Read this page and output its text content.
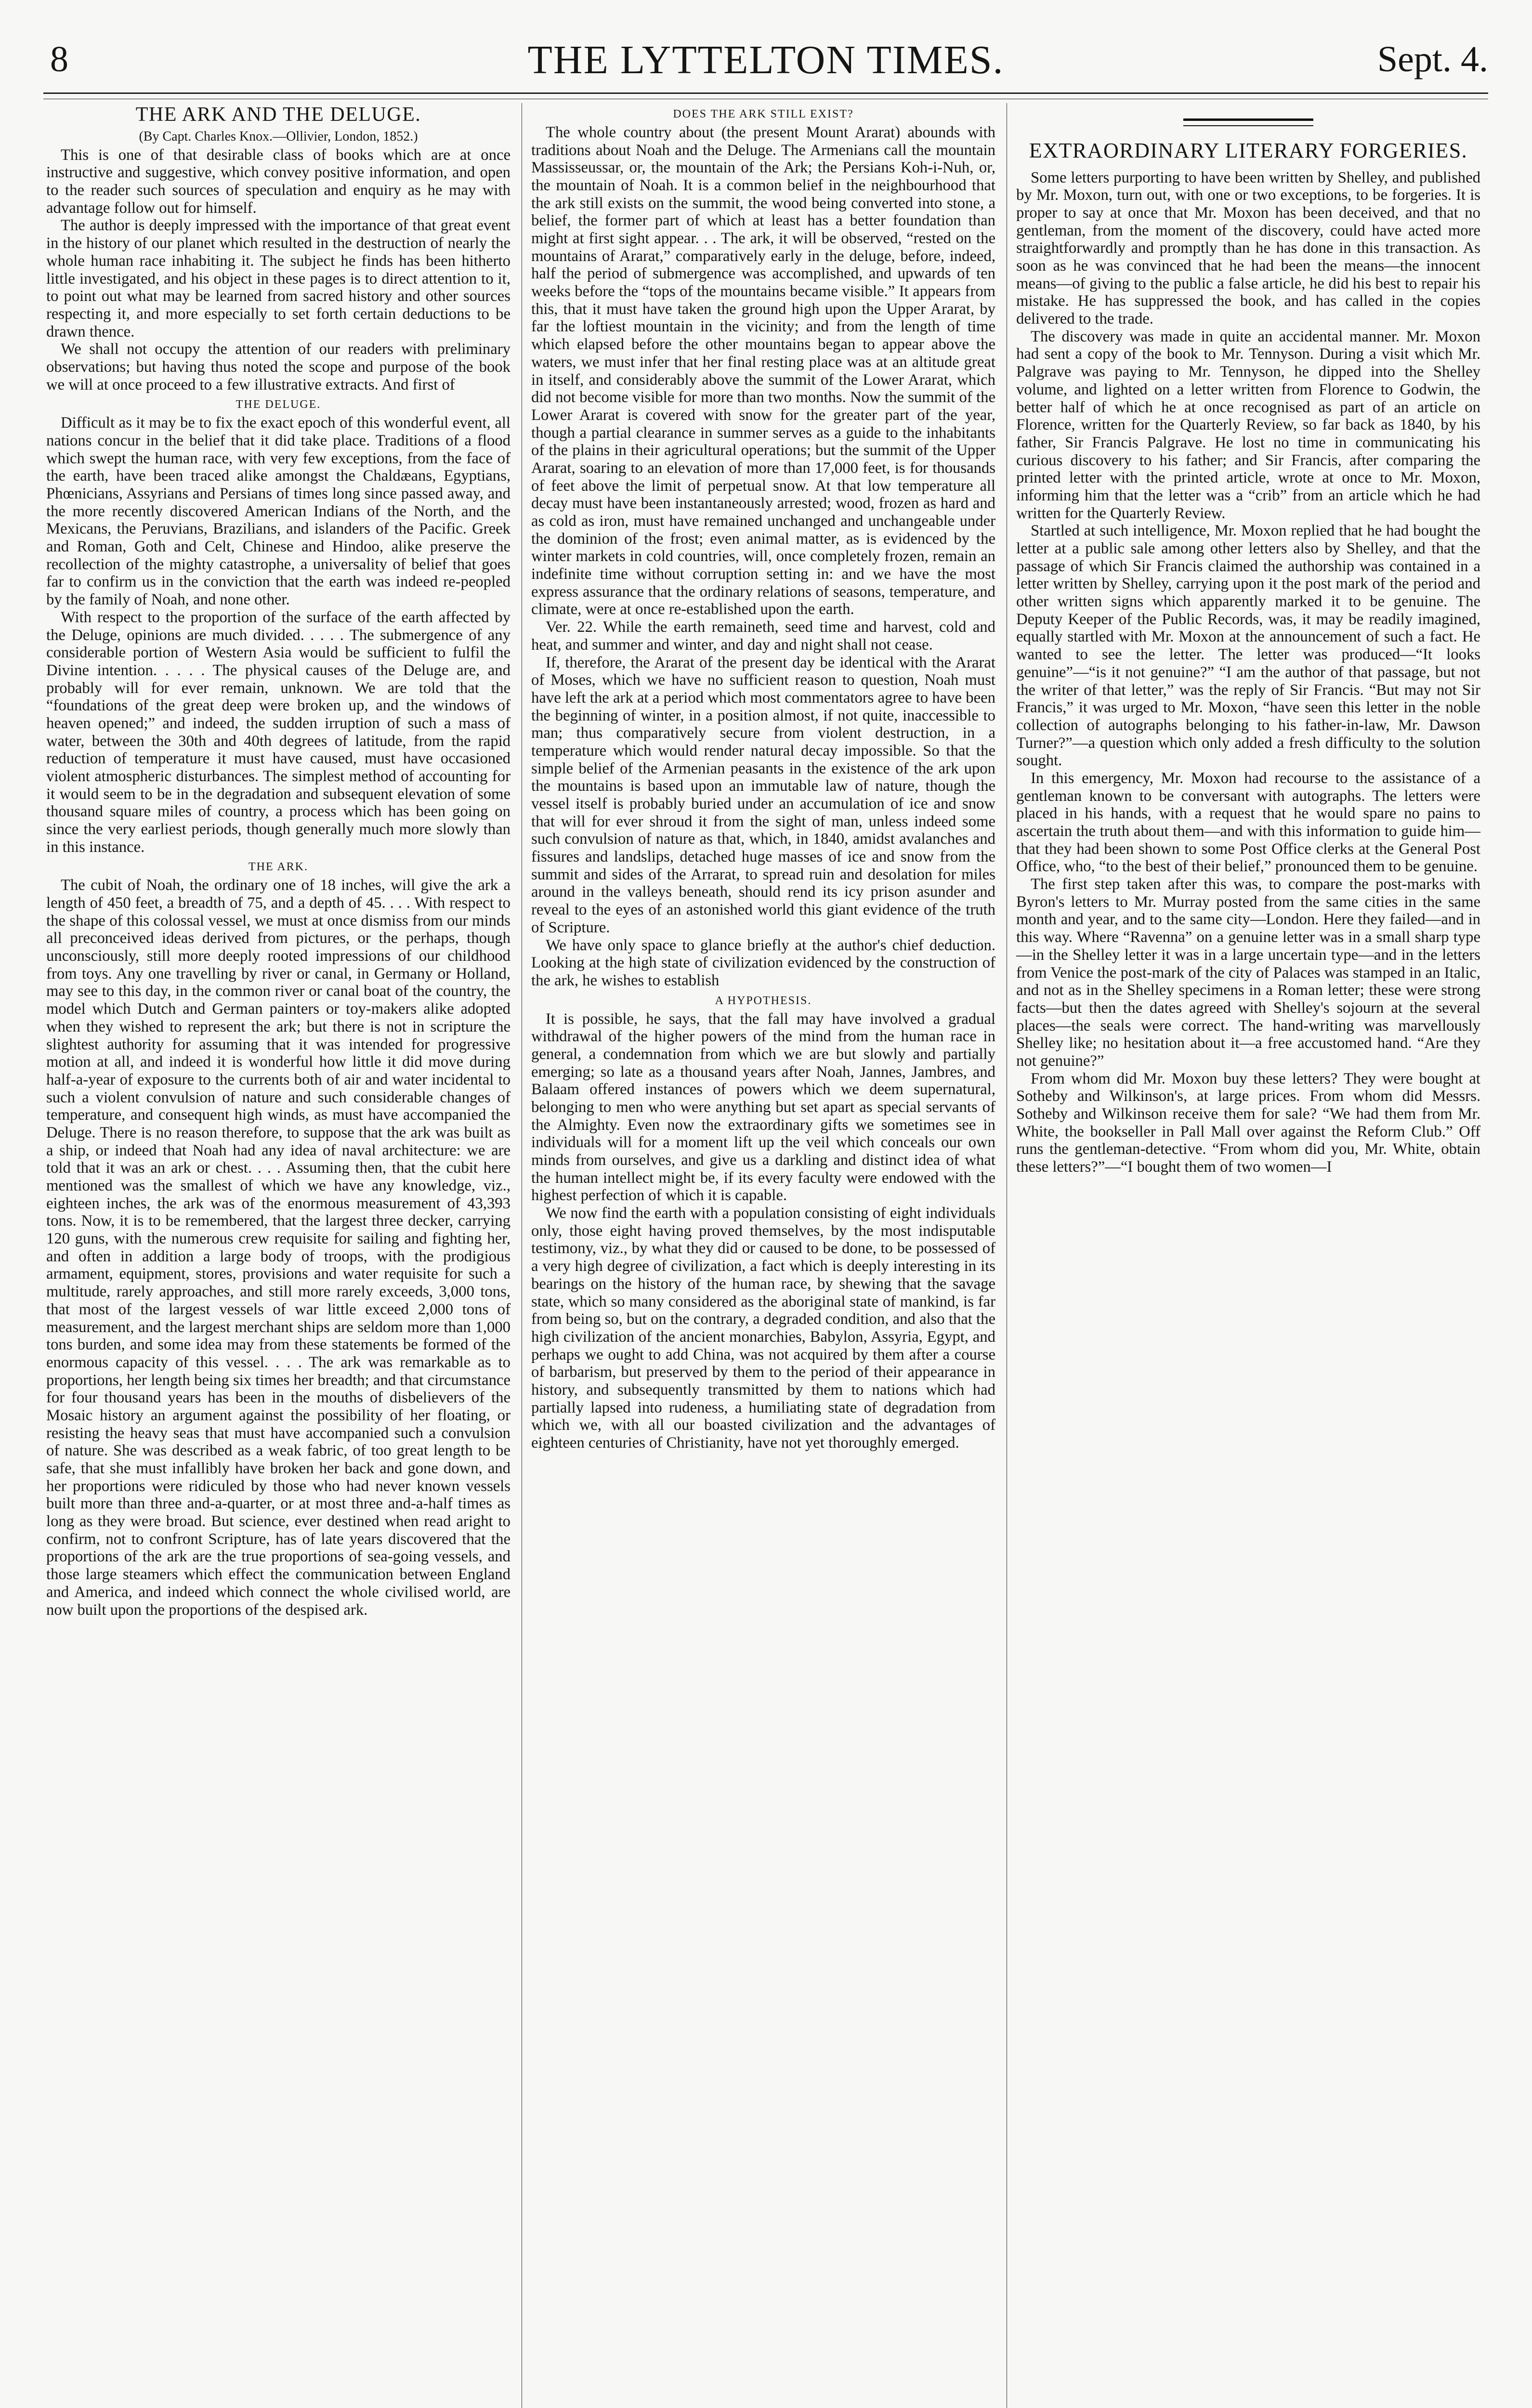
8	THE LYTTELTON TIMES.	Sept. 4.
THE ARK AND THE DELUGE.
(By Capt. Charles Knox.—Ollivier, London, 1852.)

This is one of that desirable class of books which are at once instructive and suggestive, which convey positive information, and open to the reader such sources of speculation and enquiry as he may with advantage follow out for himself.

The author is deeply impressed with the importance of that great event in the history of our planet which resulted in the destruction of nearly the whole human race inhabiting it. The subject he finds has been hitherto little investigated, and his object in these pages is to direct attention to it, to point out what may be learned from sacred history and other sources respecting it, and more especially to set forth certain deductions to be drawn thence.

We shall not occupy the attention of our readers with preliminary observations; but having thus noted the scope and purpose of the book we will at once proceed to a few illustrative extracts. And first of

THE DELUGE.

Difficult as it may be to fix the exact epoch of this wonderful event, all nations concur in the belief that it did take place. Traditions of a flood which swept the human race, with very few exceptions, from the face of the earth, have been traced alike amongst the Chaldæans, Egyptians, Phœnicians, Assyrians and Persians of times long since passed away, and the more recently discovered American Indians of the North, and the Mexicans, the Peruvians, Brazilians, and islanders of the Pacific. Greek and Roman, Goth and Celt, Chinese and Hindoo, alike preserve the recollection of the mighty catastrophe, a universality of belief that goes far to confirm us in the conviction that the earth was indeed re-peopled by the family of Noah, and none other.

With respect to the proportion of the surface of the earth affected by the Deluge, opinions are much divided. . . . . The submergence of any considerable portion of Western Asia would be sufficient to fulfil the Divine intention. . . . . The physical causes of the Deluge are, and probably will for ever remain, unknown. We are told that the “foundations of the great deep were broken up, and the windows of heaven opened;” and indeed, the sudden irruption of such a mass of water, between the 30th and 40th degrees of latitude, from the rapid reduction of temperature it must have caused, must have occasioned violent atmospheric disturbances. The simplest method of accounting for it would seem to be in the degradation and subsequent elevation of some thousand square miles of country, a process which has been going on since the very earliest periods, though generally much more slowly than in this instance.

THE ARK.

The cubit of Noah, the ordinary one of 18 inches, will give the ark a length of 450 feet, a breadth of 75, and a depth of 45. . . . With respect to the shape of this colossal vessel, we must at once dismiss from our minds all preconceived ideas derived from pictures, or the perhaps, though unconsciously, still more deeply rooted impressions of our childhood from toys. Any one travelling by river or canal, in Germany or Holland, may see to this day, in the common river or canal boat of the country, the model which Dutch and German painters or toy-makers alike adopted when they wished to represent the ark; but there is not in scripture the slightest authority for assuming that it was intended for progressive motion at all, and indeed it is wonderful how little it did move during half-a-year of exposure to the currents both of air and water incidental to such a violent convulsion of nature and such considerable changes of temperature, and consequent high winds, as must have accompanied the Deluge. There is no reason therefore, to suppose that the ark was built as a ship, or indeed that Noah had any idea of naval architecture: we are told that it was an ark or chest. . . . Assuming then, that the cubit here mentioned was the smallest of which we have any knowledge, viz., eighteen inches, the ark was of the enormous measurement of 43,393 tons. Now, it is to be remembered, that the largest three decker, carrying 120 guns, with the numerous crew requisite for sailing and fighting her, and often in addition a large body of troops, with the prodigious armament, equipment, stores, provisions and water requisite for such a multitude, rarely approaches, and still more rarely exceeds, 3,000 tons, that most of the largest vessels of war little exceed 2,000 tons of measurement, and the largest merchant ships are seldom more than 1,000 tons burden, and some idea may from these statements be formed of the enormous capacity of this vessel. . . . The ark was remarkable as to proportions, her length being six times her breadth; and that circumstance for four thousand years has been in the mouths of disbelievers of the Mosaic history an argument against the possibility of her floating, or resisting the heavy seas that must have accompanied such a convulsion of nature. She was described as a weak fabric, of too great length to be safe, that she must infallibly have broken her back and gone down, and her proportions were ridiculed by those who had never known vessels built more than three and-a-quarter, or at most three and-a-half times as long as they were broad. But science, ever destined when read aright to confirm, not to confront Scripture, has of late years discovered that the proportions of the ark are the true proportions of sea-going vessels, and those large steamers which effect the communication between England and America, and indeed which connect the whole civilised world, are now built upon the proportions of the despised ark.

DOES THE ARK STILL EXIST?

The whole country about (the present Mount Ararat) abounds with traditions about Noah and the Deluge. The Armenians call the mountain Massisseussar, or, the mountain of the Ark; the Persians Koh-i-Nuh, or, the mountain of Noah. It is a common belief in the neighbourhood that the ark still exists on the summit, the wood being converted into stone, a belief, the former part of which at least has a better foundation than might at first sight appear. . . The ark, it will be observed, “rested on the mountains of Ararat,” comparatively early in the deluge, before, indeed, half the period of submergence was accomplished, and upwards of ten weeks before the “tops of the mountains became visible.” It appears from this, that it must have taken the ground high upon the Upper Ararat, by far the loftiest mountain in the vicinity; and from the length of time which elapsed before the other mountains began to appear above the waters, we must infer that her final resting place was at an altitude great in itself, and considerably above the summit of the Lower Ararat, which did not become visible for more than two months. Now the summit of the Lower Ararat is covered with snow for the greater part of the year, though a partial clearance in summer serves as a guide to the inhabitants of the plains in their agricultural operations; but the summit of the Upper Ararat, soaring to an elevation of more than 17,000 feet, is for thousands of feet above the limit of perpetual snow. At that low temperature all decay must have been instantaneously arrested; wood, frozen as hard and as cold as iron, must have remained unchanged and unchangeable under the dominion of the frost; even animal matter, as is evidenced by the winter markets in cold countries, will, once completely frozen, remain an indefinite time without corruption setting in: and we have the most express assurance that the ordinary relations of seasons, temperature, and climate, were at once re-established upon the earth.

Ver. 22. While the earth remaineth, seed time and harvest, cold and heat, and summer and winter, and day and night shall not cease.

If, therefore, the Ararat of the present day be identical with the Ararat of Moses, which we have no sufficient reason to question, Noah must have left the ark at a period which most commentators agree to have been the beginning of winter, in a position almost, if not quite, inaccessible to man; thus comparatively secure from violent destruction, in a temperature which would render natural decay impossible. So that the simple belief of the Armenian peasants in the existence of the ark upon the mountains is based upon an immutable law of nature, though the vessel itself is probably buried under an accumulation of ice and snow that will for ever shroud it from the sight of man, unless indeed some such convulsion of nature as that, which, in 1840, amidst avalanches and fissures and landslips, detached huge masses of ice and snow from the summit and sides of the Arrarat, to spread ruin and desolation for miles around in the valleys beneath, should rend its icy prison asunder and reveal to the eyes of an astonished world this giant evidence of the truth of Scripture.

We have only space to glance briefly at the author's chief deduction. Looking at the high state of civilization evidenced by the construction of the ark, he wishes to establish

A HYPOTHESIS.

It is possible, he says, that the fall may have involved a gradual withdrawal of the higher powers of the mind from the human race in general, a condemnation from which we are but slowly and partially emerging; so late as a thousand years after Noah, Jannes, Jambres, and Balaam offered instances of powers which we deem supernatural, belonging to men who were anything but set apart as special servants of the Almighty. Even now the extraordinary gifts we sometimes see in individuals will for a moment lift up the veil which conceals our own minds from ourselves, and give us a darkling and distinct idea of what the human intellect might be, if its every faculty were endowed with the highest perfection of which it is capable.

We now find the earth with a population consisting of eight individuals only, those eight having proved themselves, by the most indisputable testimony, viz., by what they did or caused to be done, to be possessed of a very high degree of civilization, a fact which is deeply interesting in its bearings on the history of the human race, by shewing that the savage state, which so many considered as the aboriginal state of mankind, is far from being so, but on the contrary, a degraded condition, and also that the high civilization of the ancient monarchies, Babylon, Assyria, Egypt, and perhaps we ought to add China, was not acquired by them after a course of barbarism, but preserved by them to the period of their appearance in history, and subsequently transmitted by them to nations which had partially lapsed into rudeness, a humiliating state of degradation from which we, with all our boasted civilization and the advantages of eighteen centuries of Christianity, have not yet thoroughly emerged.

EXTRAORDINARY LITERARY FORGERIES.

Some letters purporting to have been written by Shelley, and published by Mr. Moxon, turn out, with one or two exceptions, to be forgeries. It is proper to say at once that Mr. Moxon has been deceived, and that no gentleman, from the moment of the discovery, could have acted more straightforwardly and promptly than he has done in this transaction. As soon as he was convinced that he had been the means—the innocent means—of giving to the public a false article, he did his best to repair his mistake. He has suppressed the book, and has called in the copies delivered to the trade.

The discovery was made in quite an accidental manner. Mr. Moxon had sent a copy of the book to Mr. Tennyson. During a visit which Mr. Palgrave was paying to Mr. Tennyson, he dipped into the Shelley volume, and lighted on a letter written from Florence to Godwin, the better half of which he at once recognised as part of an article on Florence, written for the Quarterly Review, so far back as 1840, by his father, Sir Francis Palgrave. He lost no time in communicating his curious discovery to his father; and Sir Francis, after comparing the printed letter with the printed article, wrote at once to Mr. Moxon, informing him that the letter was a “crib” from an article which he had written for the Quarterly Review.

Startled at such intelligence, Mr. Moxon replied that he had bought the letter at a public sale among other letters also by Shelley, and that the passage of which Sir Francis claimed the authorship was contained in a letter written by Shelley, carrying upon it the post mark of the period and other written signs which apparently marked it to be genuine. The Deputy Keeper of the Public Records, was, it may be readily imagined, equally startled with Mr. Moxon at the announcement of such a fact. He wanted to see the letter. The letter was produced—“It looks genuine”—“is it not genuine?” “I am the author of that passage, but not the writer of that letter,” was the reply of Sir Francis. “But may not Sir Francis,” it was urged to Mr. Moxon, “have seen this letter in the noble collection of autographs belonging to his father-in-law, Mr. Dawson Turner?”—a question which only added a fresh difficulty to the solution sought.

In this emergency, Mr. Moxon had recourse to the assistance of a gentleman known to be conversant with autographs. The letters were placed in his hands, with a request that he would spare no pains to ascertain the truth about them—and with this information to guide him—that they had been shown to some Post Office clerks at the General Post Office, who, “to the best of their belief,” pronounced them to be genuine.

The first step taken after this was, to compare the post-marks with Byron's letters to Mr. Murray posted from the same cities in the same month and year, and to the same city—London. Here they failed—and in this way. Where “Ravenna” on a genuine letter was in a small sharp type—in the Shelley letter it was in a large uncertain type—and in the letters from Venice the post-mark of the city of Palaces was stamped in an Italic, and not as in the Shelley specimens in a Roman letter; these were strong facts—but then the dates agreed with Shelley's sojourn at the several places—the seals were correct. The hand-writing was marvellously Shelley like; no hesitation about it—a free accustomed hand. “Are they not genuine?”

From whom did Mr. Moxon buy these letters? They were bought at Sotheby and Wilkinson's, at large prices. From whom did Messrs. Sotheby and Wilkinson receive them for sale? “We had them from Mr. White, the bookseller in Pall Mall over against the Reform Club.” Off runs the gentleman-detective. “From whom did you, Mr. White, obtain these letters?”—“I bought them of two women—I
